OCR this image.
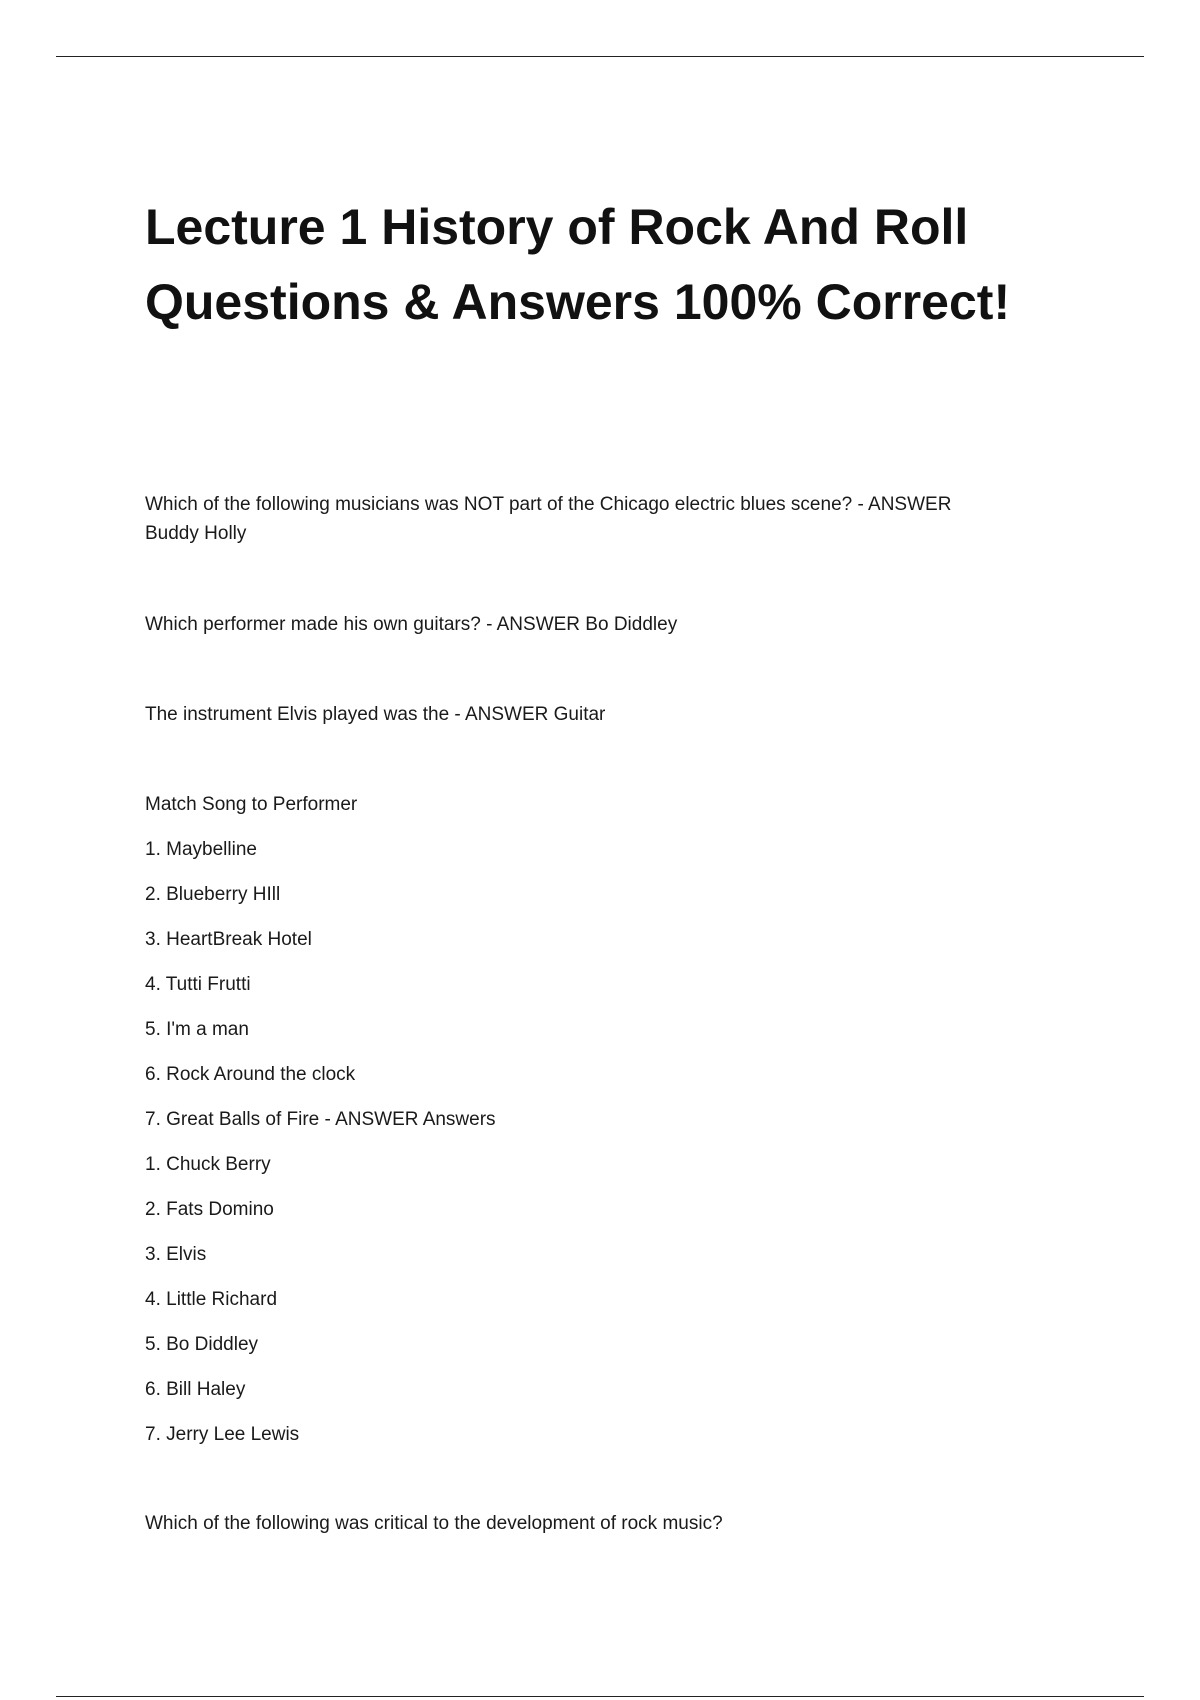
Lecture 1 History of Rock And Roll
Questions & Answers 100% Correct!

Which of the following musicians was NOT part of the Chicago electric blues scene? - ANSWER
Buddy Holly

Which performer made his own guitars? - ANSWER Bo Diddley

The instrument Elvis played was the - ANSWER Guitar

Match Song to Performer
1. Maybelline
2. Blueberry HIll
3. HeartBreak Hotel
4. Tutti Frutti
5. I'm a man
6. Rock Around the clock
7. Great Balls of Fire - ANSWER Answers
1. Chuck Berry
2. Fats Domino
3. Elvis
4. Little Richard
5. Bo Diddley
6. Bill Haley
7. Jerry Lee Lewis

Which of the following was critical to the development of rock music?
